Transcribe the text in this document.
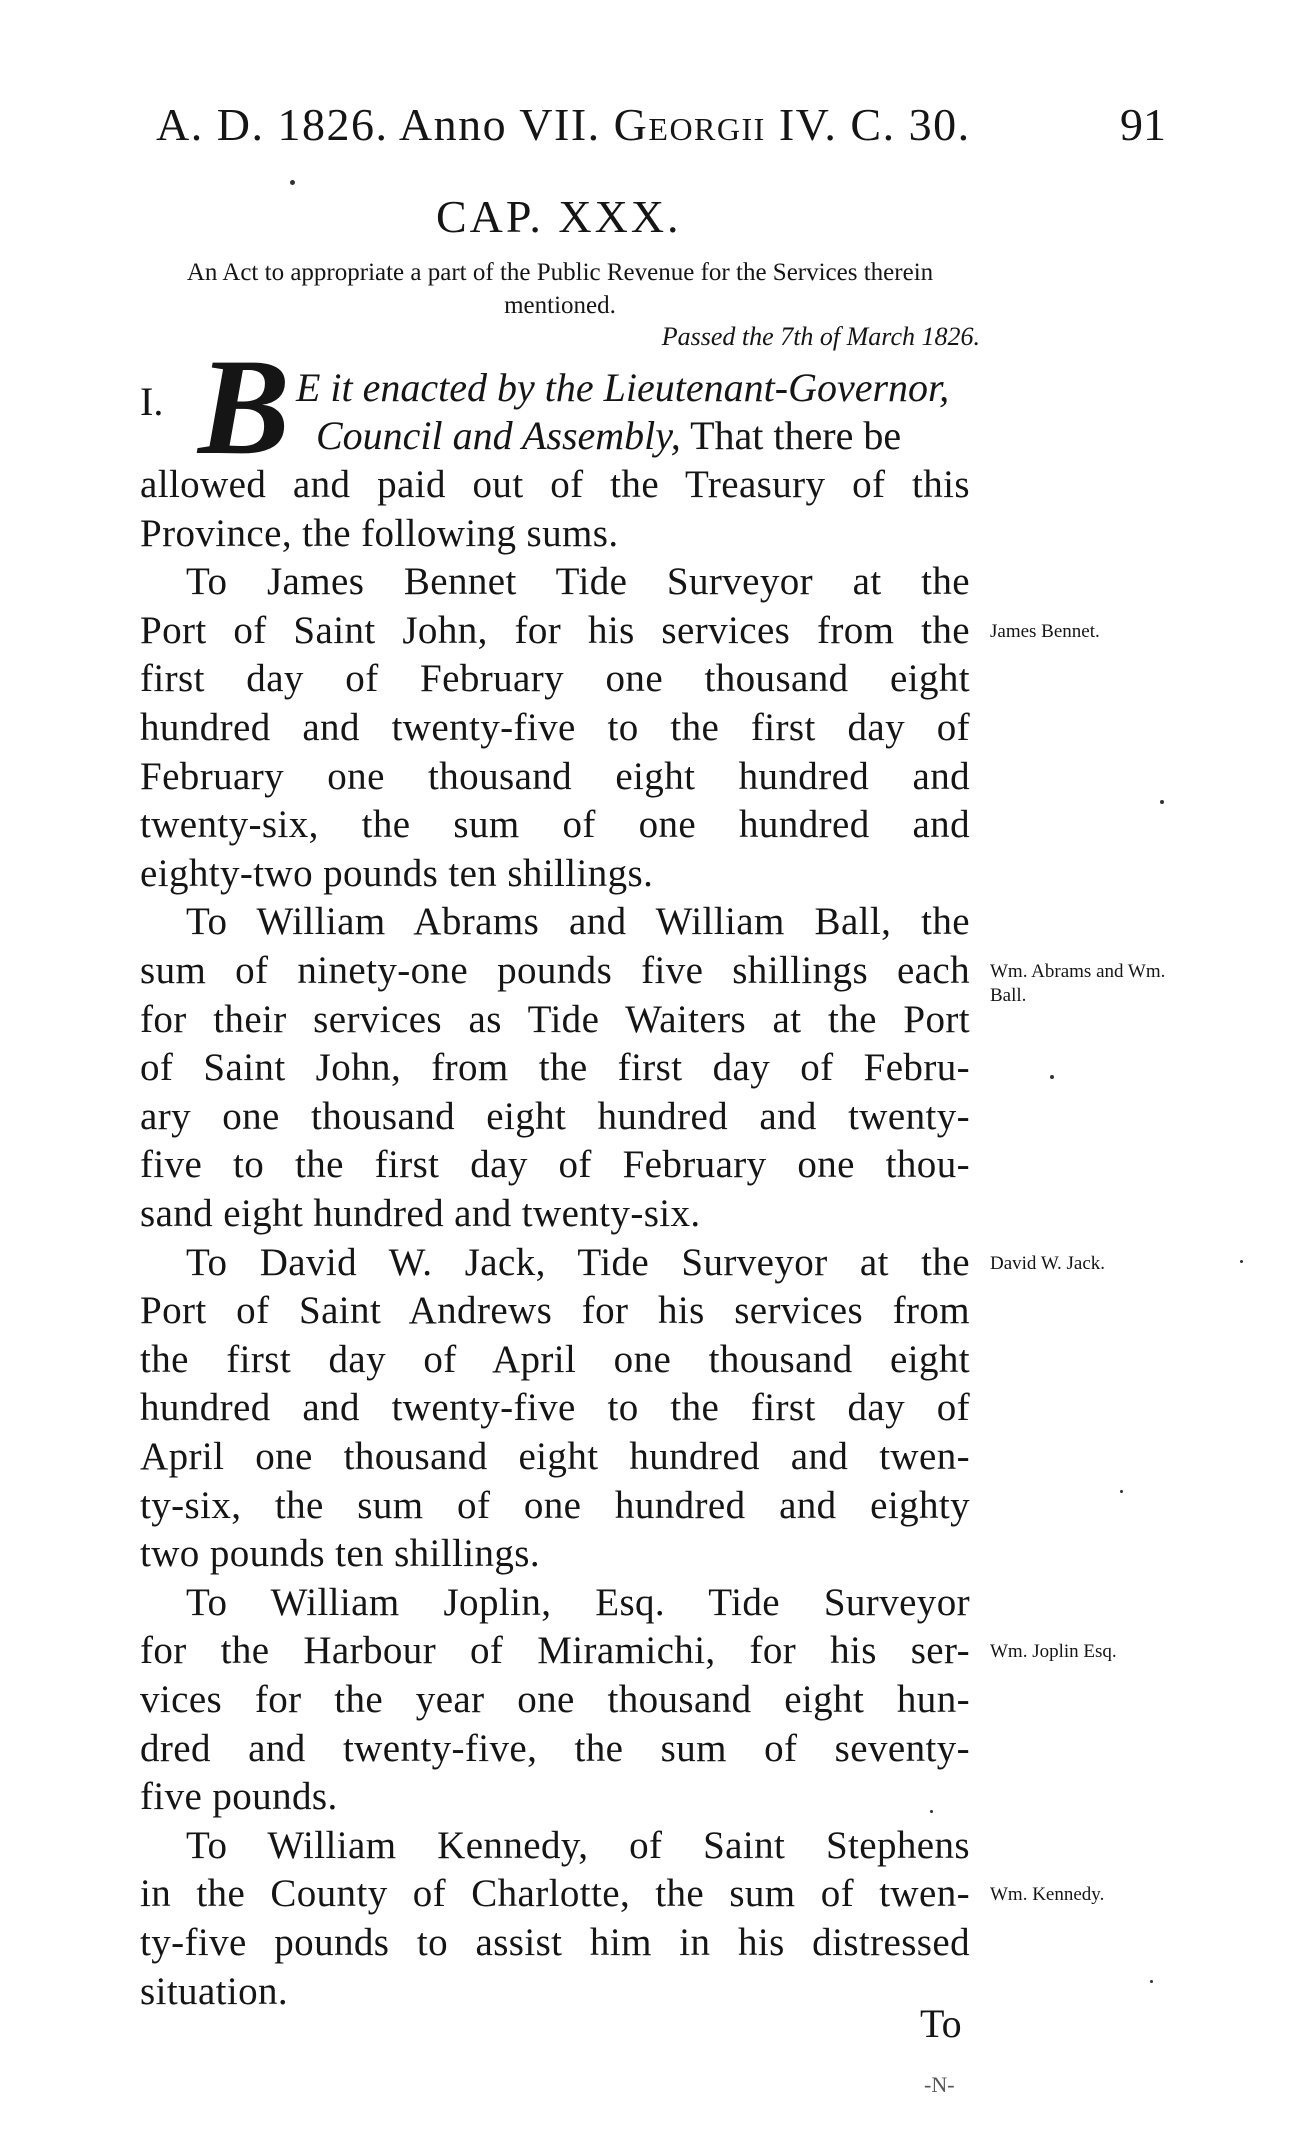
A. D. 1826. Anno VII. Georgii IV. C. 30.	91
CAP. XXX.
An Act to appropriate a part of the Public Revenue for the Services therein mentioned.
Passed the 7th of March 1826.
I. B E it enacted by the Lieutenant-Governor,
Council and Assembly, That there be
allowed and paid out of the Treasury of this
Province, the following sums.
To James Bennet Tide Surveyor at the
Port of Saint John, for his services from the
first day of February one thousand eight
hundred and twenty-five to the first day of
February one thousand eight hundred and
twenty-six, the sum of one hundred and
eighty-two pounds ten shillings.
To William Abrams and William Ball, the
sum of ninety-one pounds five shillings each
for their services as Tide Waiters at the Port
of Saint John, from the first day of Febru-
ary one thousand eight hundred and twenty-
five to the first day of February one thou-
sand eight hundred and twenty-six.
To David W. Jack, Tide Surveyor at the
Port of Saint Andrews for his services from
the first day of April one thousand eight
hundred and twenty-five to the first day of
April one thousand eight hundred and twen-
ty-six, the sum of one hundred and eighty
two pounds ten shillings.
To William Joplin, Esq. Tide Surveyor
for the Harbour of Miramichi, for his ser-
vices for the year one thousand eight hun-
dred and twenty-five, the sum of seventy-
five pounds.
To William Kennedy, of Saint Stephens
in the County of Charlotte, the sum of twen-
ty-five pounds to assist him in his distressed
situation.
James Bennet.
Wm. Abrams and Wm. Ball.
David W. Jack.
Wm. Joplin Esq.
Wm. Kennedy.
To
-N-
